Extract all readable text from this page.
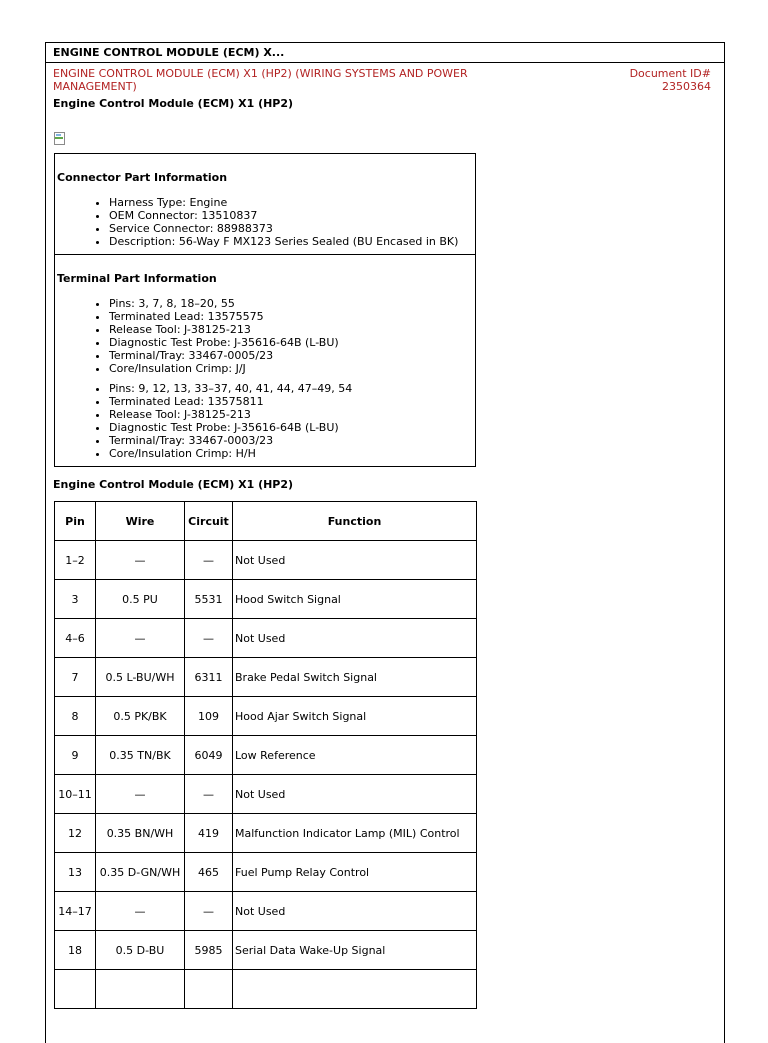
ENGINE CONTROL MODULE (ECM) X...
ENGINE CONTROL MODULE (ECM) X1 (HP2) (WIRING SYSTEMS AND POWER MANAGEMENT)
Document ID#
2350364
Engine Control Module (ECM) X1 (HP2)
Connector Part Information
• Harness Type: Engine
• OEM Connector: 13510837
• Service Connector: 88988373
• Description: 56-Way F MX123 Series Sealed (BU Encased in BK)
Terminal Part Information
• Pins: 3, 7, 8, 18–20, 55
• Terminated Lead: 13575575
• Release Tool: J-38125-213
• Diagnostic Test Probe: J-35616-64B (L-BU)
• Terminal/Tray: 33467-0005/23
• Core/Insulation Crimp: J/J
• Pins: 9, 12, 13, 33–37, 40, 41, 44, 47–49, 54
• Terminated Lead: 13575811
• Release Tool: J-38125-213
• Diagnostic Test Probe: J-35616-64B (L-BU)
• Terminal/Tray: 33467-0003/23
• Core/Insulation Crimp: H/H
Engine Control Module (ECM) X1 (HP2)
Pin	Wire	Circuit	Function
1–2	—	—	Not Used
3	0.5 PU	5531	Hood Switch Signal
4–6	—	—	Not Used
7	0.5 L-BU/WH	6311	Brake Pedal Switch Signal
8	0.5 PK/BK	109	Hood Ajar Switch Signal
9	0.35 TN/BK	6049	Low Reference
10–11	—	—	Not Used
12	0.35 BN/WH	419	Malfunction Indicator Lamp (MIL) Control
13	0.35 D-GN/WH	465	Fuel Pump Relay Control
14–17	—	—	Not Used
18	0.5 D-BU	5985	Serial Data Wake-Up Signal
